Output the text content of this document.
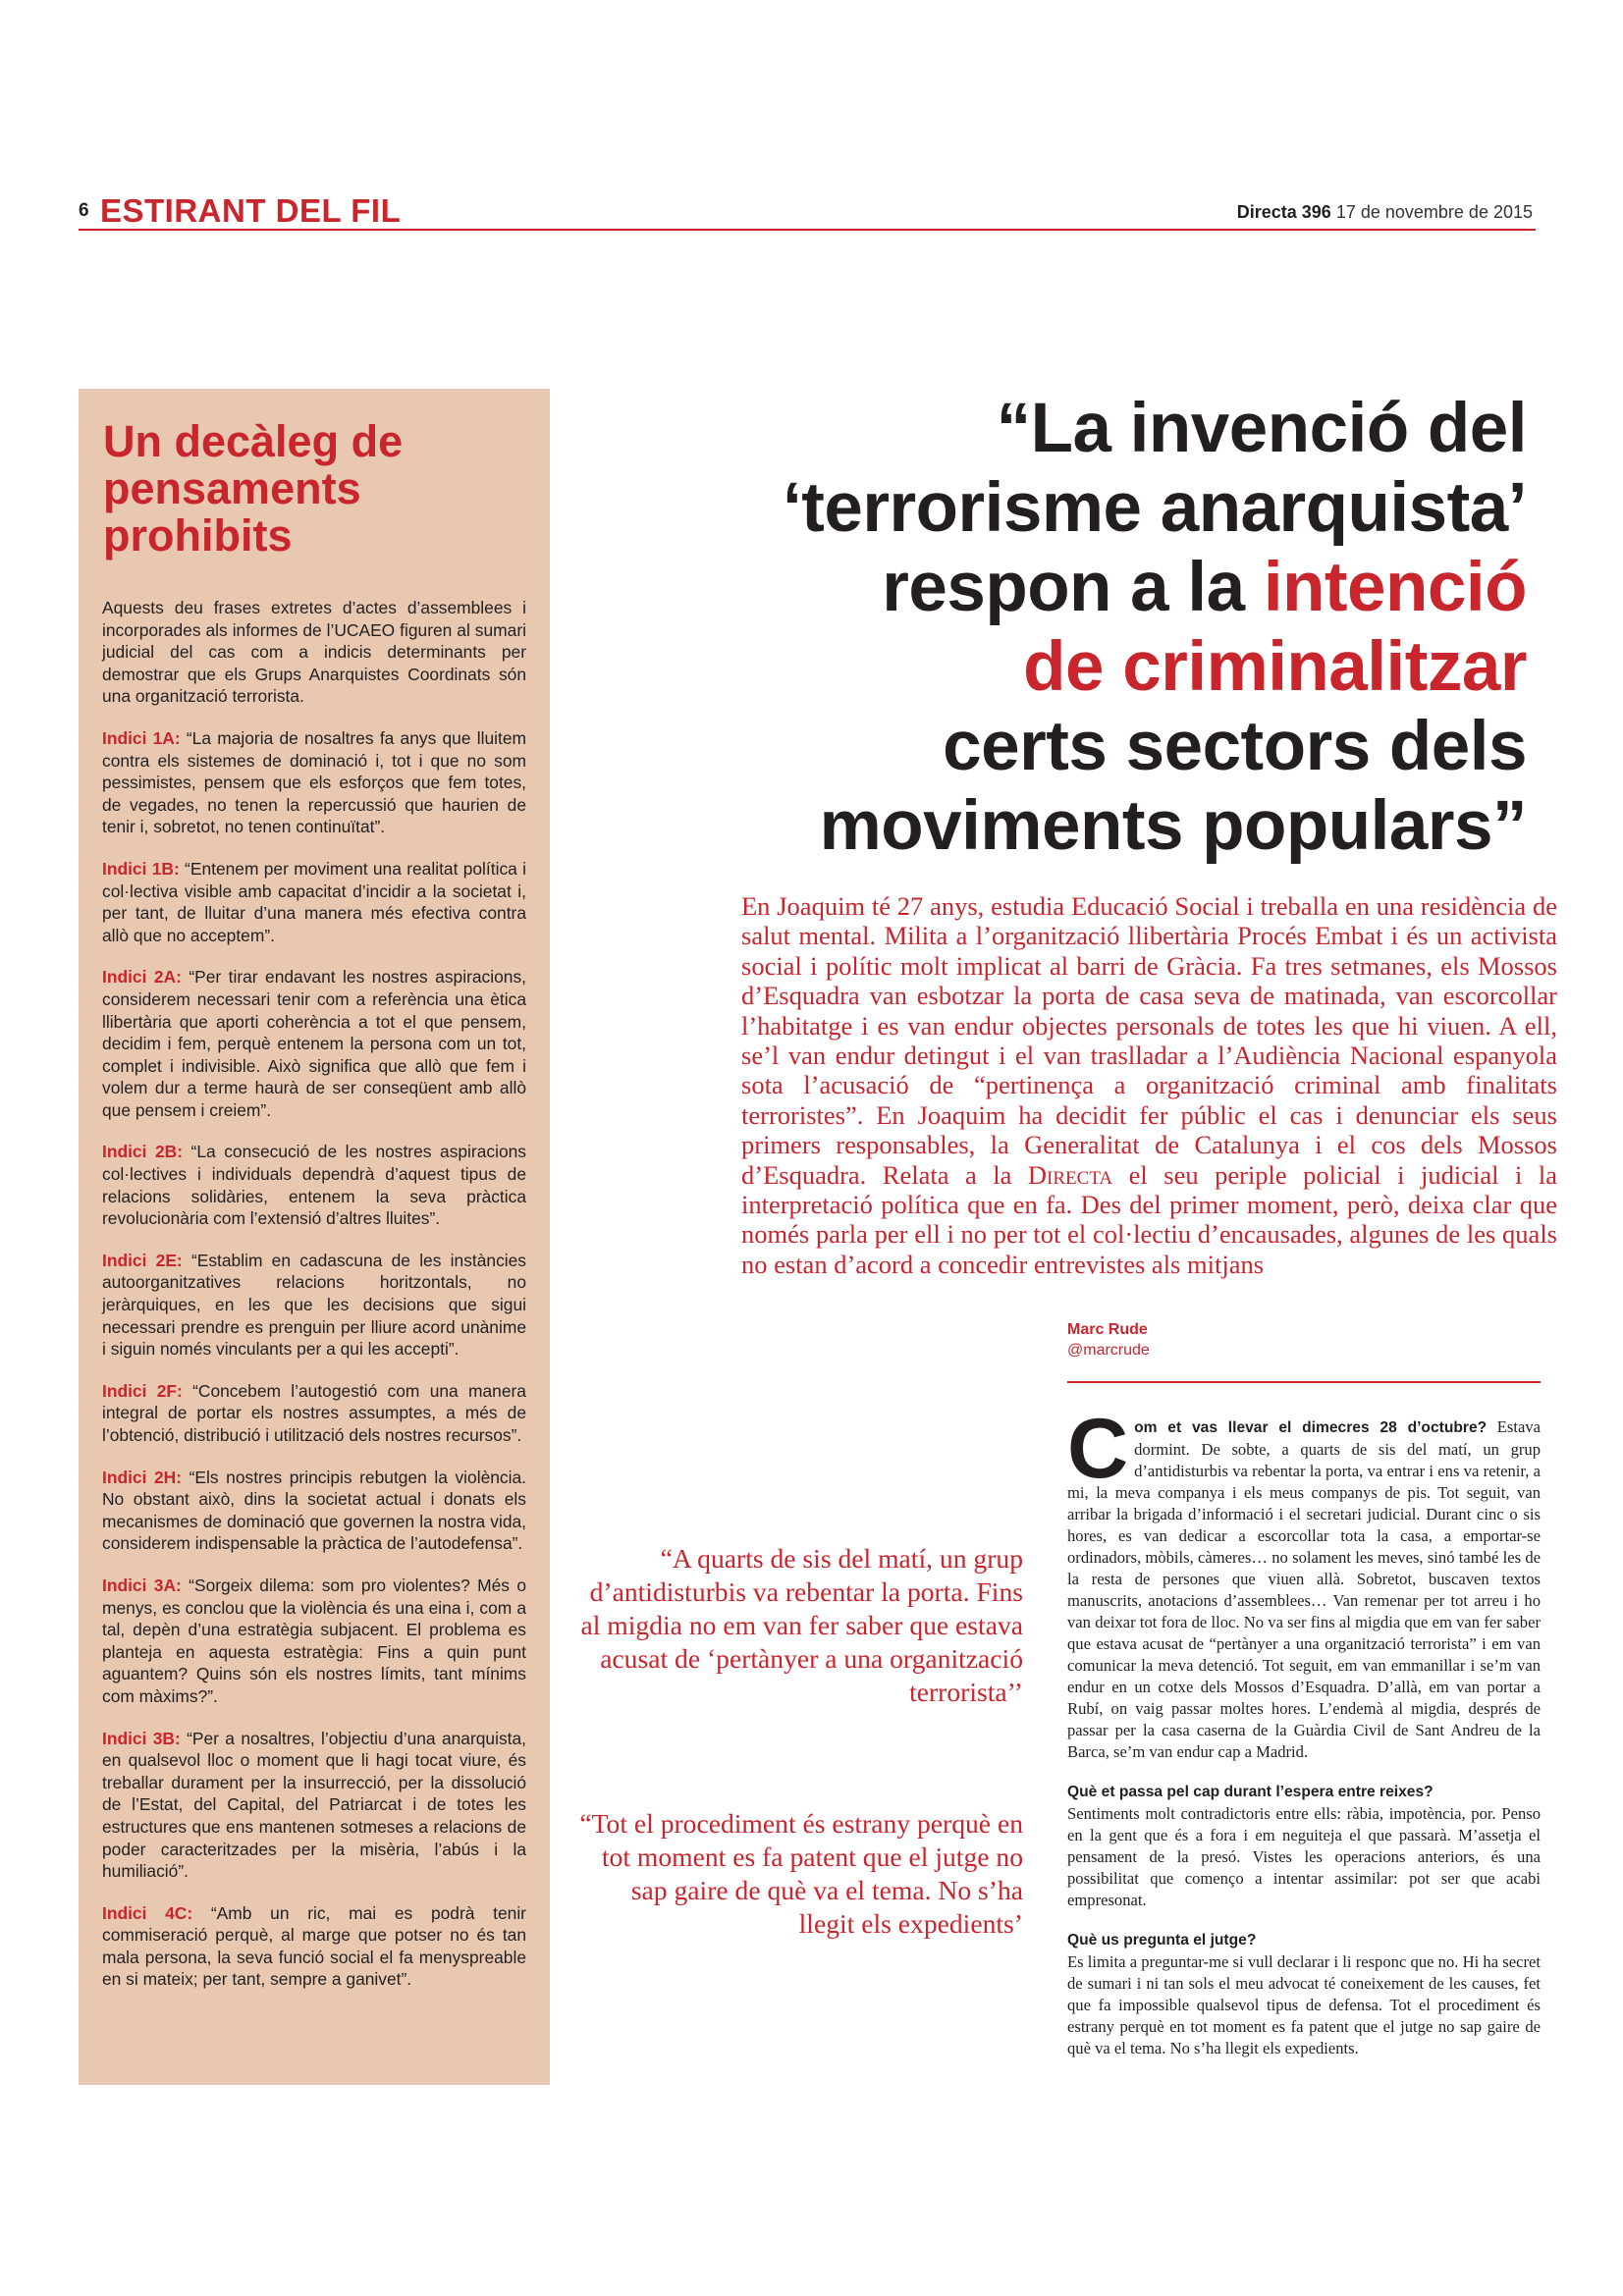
6 ESTIRANT DEL FIL	Directa 396 17 de novembre de 2015
Un decàleg de pensaments prohibits
Aquests deu frases extretes d’actes d’assemblees i incorporades als informes de l’UCAEO figuren al sumari judicial del cas com a indicis determinants per demostrar que els Grups Anarquistes Coordinats són una organització terrorista.

Indici 1A: “La majoria de nosaltres fa anys que lluitem contra els sistemes de dominació i, tot i que no som pessimistes, pensem que els esforços que fem totes, de vegades, no tenen la repercussió que haurien de tenir i, sobretot, no tenen continuïtat”.

Indici 1B: “Entenem per moviment una realitat política i col·lectiva visible amb capacitat d’incidir a la societat i, per tant, de lluitar d’una manera més efectiva contra allò que no acceptem”.

Indici 2A: “Per tirar endavant les nostres aspiracions, considerem necessari tenir com a referència una ètica llibertària que aporti coherència a tot el que pensem, decidim i fem, perquè entenem la persona com un tot, complet i indivisible. Això significa que allò que fem i volem dur a terme haurà de ser conseqüent amb allò que pensem i creiem”.

Indici 2B: “La consecució de les nostres aspiracions col·lectives i individuals dependrà d’aquest tipus de relacions solidàries, entenem la seva pràctica revolucionària com l’extensió d’altres lluites”.

Indici 2E: “Establim en cadascuna de les instàncies autoorganitzatives relacions horitzontals, no jeràrquiques, en les que les decisions que sigui necessari prendre es prenguin per lliure acord unànime i siguin només vinculants per a qui les accepti”.

Indici 2F: “Concebem l’autogestió com una manera integral de portar els nostres assumptes, a més de l’obtenció, distribució i utilització dels nostres recursos”.

Indici 2H: “Els nostres principis rebutgen la violència. No obstant això, dins la societat actual i donats els mecanismes de dominació que governen la nostra vida, considerem indispensable la pràctica de l’autodefensa”.

Indici 3A: “Sorgeix dilema: som pro violentes? Més o menys, es conclou que la violència és una eina i, com a tal, depèn d’una estratègia subjacent. El problema es planteja en aquesta estratègia: Fins a quin punt aguantem? Quins són els nostres límits, tant mínims com màxims?”.

Indici 3B: “Per a nosaltres, l’objectiu d’una anarquista, en qualsevol lloc o moment que li hagi tocat viure, és treballar durament per la insurrecció, per la dissolució de l’Estat, del Capital, del Patriarcat i de totes les estructures que ens mantenen sotmeses a relacions de poder caracteritzades per la misèria, l’abús i la humiliació”.

Indici 4C: “Amb un ric, mai es podrà tenir commiseració perquè, al marge que potser no és tan mala persona, la seva funció social el fa menyspreable en si mateix; per tant, sempre a ganivet”.

“La invenció del
‘terrorisme anarquista’
respon a la intenció
de criminalitzar
certs sectors dels
moviments populars”

En Joaquim té 27 anys, estudia Educació Social i treballa en una residència de salut mental. Milita a l’organització llibertària Procés Embat i és un activista social i polític molt implicat al barri de Gràcia. Fa tres setmanes, els Mossos d’Esquadra van esbotzar la porta de casa seva de matinada, van escorcollar l’habitatge i es van endur objectes personals de totes les que hi viuen. A ell, se’l van endur detingut i el van traslladar a l’Audiència Nacional espanyola sota l’acusació de “pertinença a organització criminal amb finalitats terroristes”. En Joaquim ha decidit fer públic el cas i denunciar els seus primers responsables, la Generalitat de Catalunya i el cos dels Mossos d’Esquadra. Relata a la Directa el seu periple policial i judicial i la interpretació política que en fa. Des del primer moment, però, deixa clar que només parla per ell i no per tot el col·lectiu d’encausades, algunes de les quals no estan d’acord a concedir entrevistes als mitjans

Marc Rude
@marcrude

Com et vas llevar el dimecres 28 d’octubre? Estava dormint. De sobte, a quarts de sis del matí, un grup d’antidisturbis va rebentar la porta, va entrar i ens va retenir, a mi, la meva companya i els meus companys de pis. Tot seguit, van arribar la brigada d’informació i el secretari judicial. Durant cinc o sis hores, es van dedicar a escorcollar tota la casa, a emportar-se ordinadors, mòbils, càmeres… no solament les meves, sinó també les de la resta de persones que viuen allà. Sobretot, buscaven textos manuscrits, anotacions d’assemblees… Van remenar per tot arreu i ho van deixar tot fora de lloc. No va ser fins al migdia que em van fer saber que estava acusat de “pertànyer a una organització terrorista” i em van comunicar la meva detenció. Tot seguit, em van emmanillar i se’m van endur en un cotxe dels Mossos d’Esquadra. D’allà, em van portar a Rubí, on vaig passar moltes hores. L’endemà al migdia, després de passar per la casa caserna de la Guàrdia Civil de Sant Andreu de la Barca, se’m van endur cap a Madrid.

Què et passa pel cap durant l’espera entre reixes?
Sentiments molt contradictoris entre ells: ràbia, impotència, por. Penso en la gent que és a fora i em neguiteja el que passarà. M’assetja el pensament de la presó. Vistes les operacions anteriors, és una possibilitat que començo a intentar assimilar: pot ser que acabi empresonat.

Què us pregunta el jutge?
Es limita a preguntar-me si vull declarar i li responc que no. Hi ha secret de sumari i ni tan sols el meu advocat té coneixement de les causes, fet que fa impossible qualsevol tipus de defensa. Tot el procediment és estrany perquè en tot moment es fa patent que el jutge no sap gaire de què va el tema. No s’ha llegit els expedients.

“A quarts de sis del matí, un grup d’antidisturbis va rebentar la porta. Fins al migdia no em van fer saber que estava acusat de ‘pertànyer a una organització terrorista’’
“Tot el procediment és estrany perquè en tot moment es fa patent que el jutge no sap gaire de què va el tema. No s’ha llegit els expedients’
